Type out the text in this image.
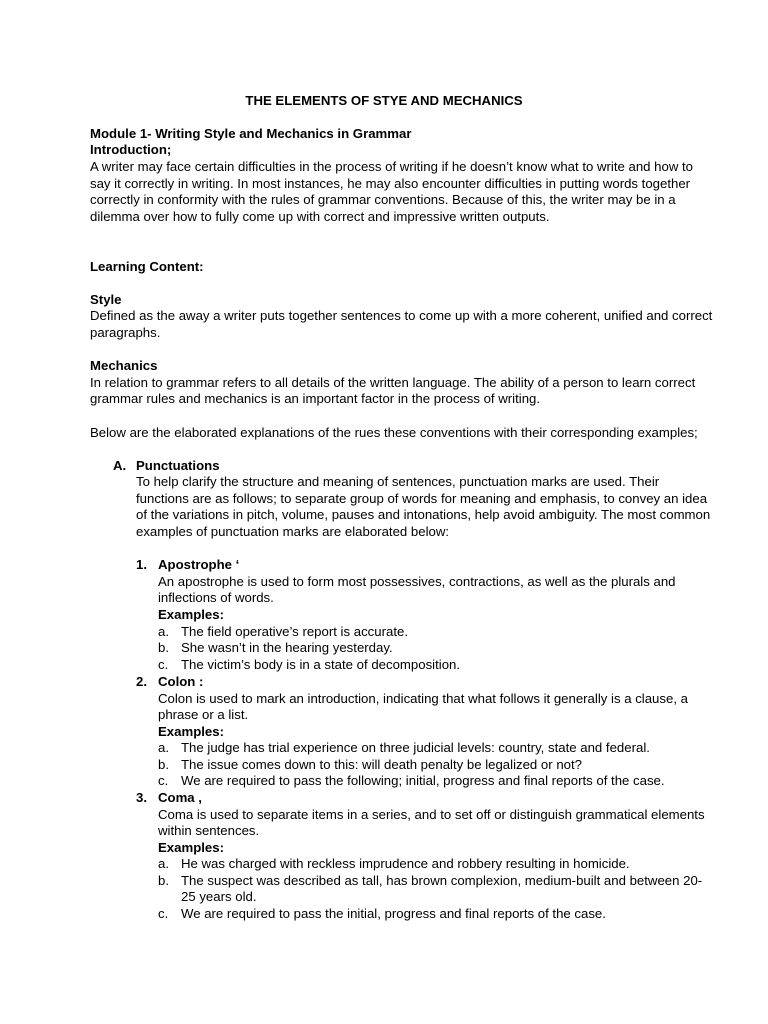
THE ELEMENTS OF STYE AND MECHANICS
Module 1- Writing Style and Mechanics in Grammar
Introduction;
A writer may face certain difficulties in the process of writing if he doesn’t know what to write and how to
say it correctly in writing. In most instances, he may also encounter difficulties in putting words together
correctly in conformity with the rules of grammar conventions. Because of this, the writer may be in a
dilemma over how to fully come up with correct and impressive written outputs.
Learning Content:
Style
Defined as the away a writer puts together sentences to come up with a more coherent, unified and correct
paragraphs.
Mechanics
In relation to grammar refers to all details of the written language. The ability of a person to learn correct
grammar rules and mechanics is an important factor in the process of writing.
Below are the elaborated explanations of the rues these conventions with their corresponding examples;
A. Punctuations
To help clarify the structure and meaning of sentences, punctuation marks are used. Their
functions are as follows; to separate group of words for meaning and emphasis, to convey an idea
of the variations in pitch, volume, pauses and intonations, help avoid ambiguity. The most common
examples of punctuation marks are elaborated below:
1. Apostrophe ‘
An apostrophe is used to form most possessives, contractions, as well as the plurals and
inflections of words.
Examples:
a. The field operative’s report is accurate.
b. She wasn’t in the hearing yesterday.
c. The victim’s body is in a state of decomposition.
2. Colon :
Colon is used to mark an introduction, indicating that what follows it generally is a clause, a
phrase or a list.
Examples:
a. The judge has trial experience on three judicial levels: country, state and federal.
b. The issue comes down to this: will death penalty be legalized or not?
c. We are required to pass the following; initial, progress and final reports of the case.
3. Coma ,
Coma is used to separate items in a series, and to set off or distinguish grammatical elements
within sentences.
Examples:
a. He was charged with reckless imprudence and robbery resulting in homicide.
b. The suspect was described as tall, has brown complexion, medium-built and between 20-
25 years old.
c. We are required to pass the initial, progress and final reports of the case.
